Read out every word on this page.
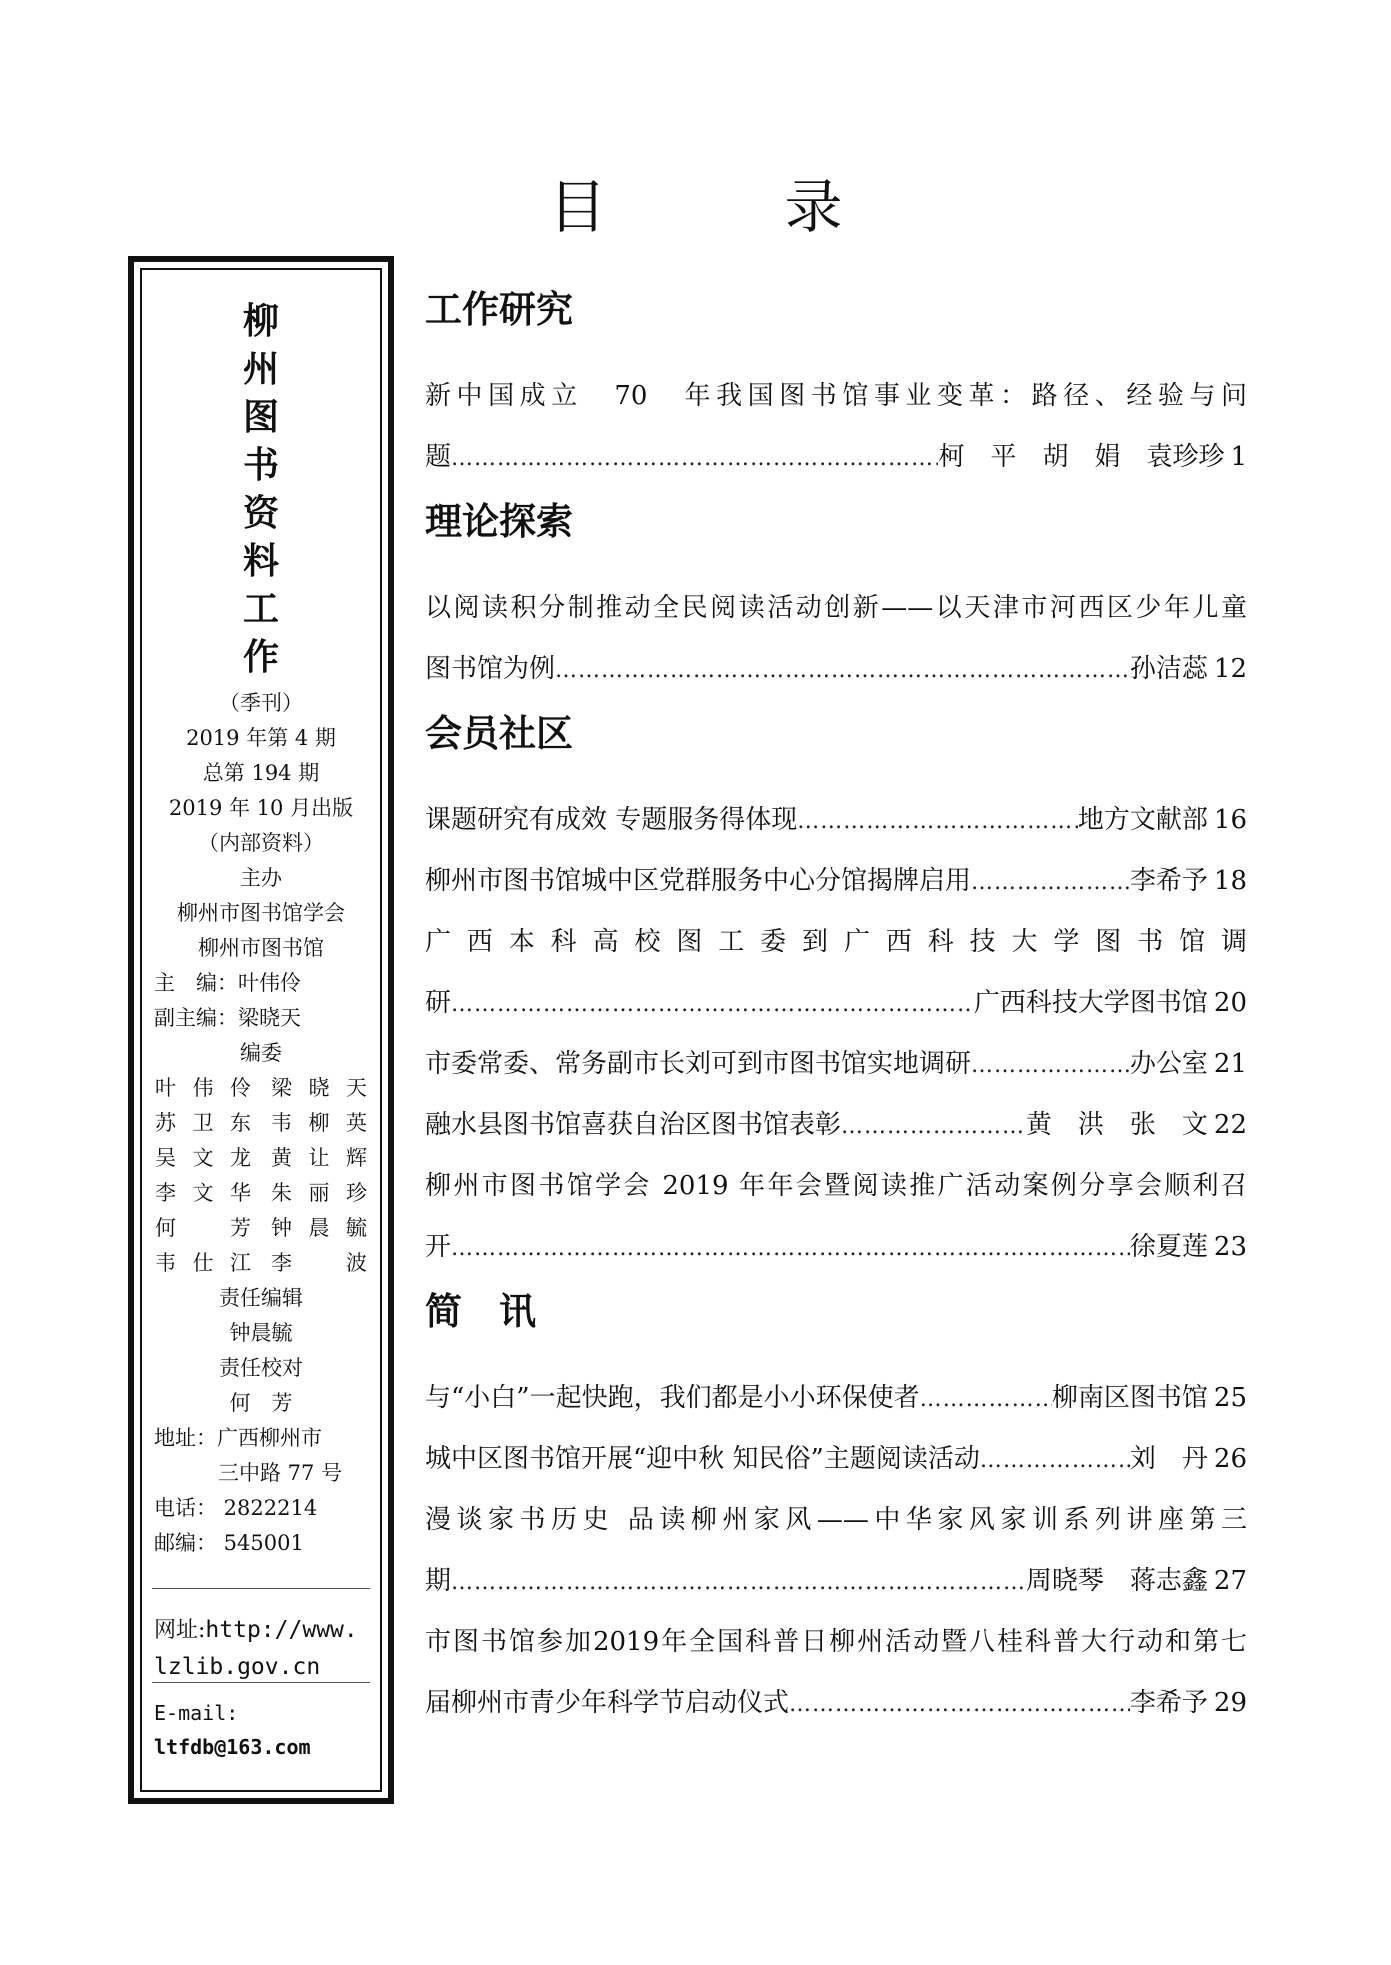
目　录
柳
州
图
书
资
料
工
作
（季刊）
2019 年第 4 期
总第 194 期
2019 年 10 月出版
（内部资料）
主办
柳州市图书馆学会
柳州市图书馆
主　编：叶伟伶
副主编：梁晓天
编委
叶伟伶 梁晓天
苏卫东 韦柳英
吴文龙 黄让辉
李文华 朱丽珍
何　芳 钟晨毓
韦仕江 李　波
责任编辑
钟晨毓
责任校对
何　芳
地址：广西柳州市
三中路 77 号
电话： 2822214
邮编： 545001
网址:http://www.
lzlib.gov.cn
E-mail:
ltfdb@163.com
工作研究
新中国成立　70　年我国图书馆事业变革：路径、经验与问
题 ………………………………………………………………………………………………………………………………………………………	柯　平　胡　娟　袁珍珍 1
理论探索
以阅读积分制推动全民阅读活动创新——以天津市河西区少年儿童
图书馆为例 ………………………………………………………………………………………………………………………………………………………	孙洁蕊 12
会员社区
课题研究有成效 专题服务得体现 ………………………………………………………………………………………………………………………………………………………	地方文献部 16
柳州市图书馆城中区党群服务中心分馆揭牌启用 ………………………………………………………………………………………………………………………………………………………	李希予 18
广西本科高校图工委到广西科技大学图书馆调
研 ………………………………………………………………………………………………………………………………………………………	广西科技大学图书馆 20
市委常委、常务副市长刘可到市图书馆实地调研 ………………………………………………………………………………………………………………………………………………………	办公室 21
融水县图书馆喜获自治区图书馆表彰 ………………………………………………………………………………………………………………………………………………………	黄　洪　张　文 22
柳州市图书馆学会 2019 年年会暨阅读推广活动案例分享会顺利召
开 ………………………………………………………………………………………………………………………………………………………	徐夏莲 23
简　讯
与“小白”一起快跑，我们都是小小环保使者 ………………………………………………………………………………………………………………………………………………………	柳南区图书馆 25
城中区图书馆开展“迎中秋 知民俗”主题阅读活动 ………………………………………………………………………………………………………………………………………………………	刘　丹 26
漫谈家书历史 品读柳州家风——中华家风家训系列讲座第三
期 ………………………………………………………………………………………………………………………………………………………	周晓琴　蒋志鑫 27
市图书馆参加2019年全国科普日柳州活动暨八桂科普大行动和第七
届柳州市青少年科学节启动仪式 ………………………………………………………………………………………………………………………………………………………	李希予 29
